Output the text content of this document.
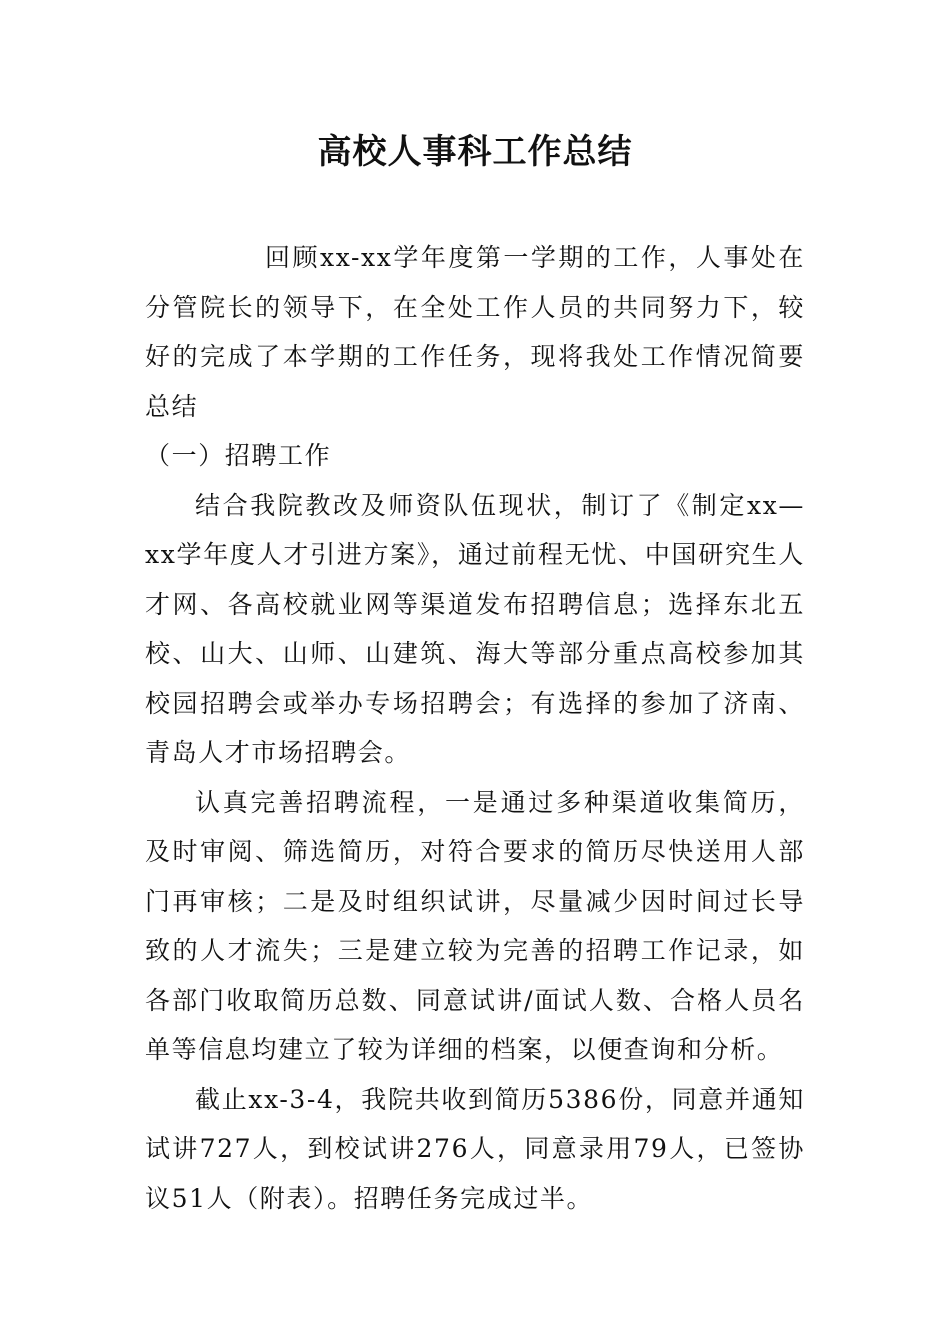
高校人事科工作总结

回顾xx-xx学年度第一学期的工作，人事处在分管院长的领导下，在全处工作人员的共同努力下，较好的完成了本学期的工作任务，现将我处工作情况简要总结

（一）招聘工作

结合我院教改及师资队伍现状，制订了《制定xx—xx学年度人才引进方案》，通过前程无忧、中国研究生人才网、各高校就业网等渠道发布招聘信息；选择东北五校、山大、山师、山建筑、海大等部分重点高校参加其校园招聘会或举办专场招聘会；有选择的参加了济南、青岛人才市场招聘会。

认真完善招聘流程，一是通过多种渠道收集简历，及时审阅、筛选简历，对符合要求的简历尽快送用人部门再审核；二是及时组织试讲，尽量减少因时间过长导致的人才流失；三是建立较为完善的招聘工作记录，如各部门收取简历总数、同意试讲/面试人数、合格人员名单等信息均建立了较为详细的档案，以便查询和分析。

截止xx-3-4，我院共收到简历5386份，同意并通知试讲727人，到校试讲276人，同意录用79人，已签协议51人（附表）。招聘任务完成过半。
